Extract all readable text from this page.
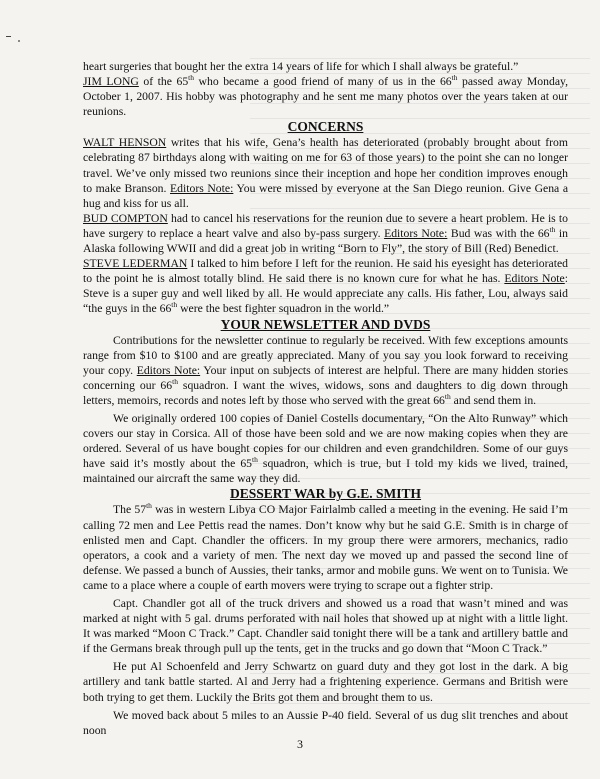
heart surgeries that bought her the extra 14 years of life for which I shall always be grateful.”

JIM LONG of the 65th who became a good friend of many of us in the 66th passed away Monday, October 1, 2007. His hobby was photography and he sent me many photos over the years taken at our reunions.

CONCERNS

WALT HENSON writes that his wife, Gena’s health has deteriorated (probably brought about from celebrating 87 birthdays along with waiting on me for 63 of those years) to the point she can no longer travel. We’ve only missed two reunions since their inception and hope her condition improves enough to make Branson. Editors Note: You were missed by everyone at the San Diego reunion. Give Gena a hug and kiss for us all.

BUD COMPTON had to cancel his reservations for the reunion due to severe a heart problem. He is to have surgery to replace a heart valve and also by-pass surgery. Editors Note: Bud was with the 66th in Alaska following WWII and did a great job in writing “Born to Fly”, the story of Bill (Red) Benedict.

STEVE LEDERMAN I talked to him before I left for the reunion. He said his eyesight has deteriorated to the point he is almost totally blind. He said there is no known cure for what he has. Editors Note: Steve is a super guy and well liked by all. He would appreciate any calls. His father, Lou, always said “the guys in the 66th were the best fighter squadron in the world.”

YOUR NEWSLETTER AND DVDS

Contributions for the newsletter continue to regularly be received. With few exceptions amounts range from $10 to $100 and are greatly appreciated. Many of you say you look forward to receiving your copy. Editors Note: Your input on subjects of interest are helpful. There are many hidden stories concerning our 66th squadron. I want the wives, widows, sons and daughters to dig down through letters, memoirs, records and notes left by those who served with the great 66th and send them in.

We originally ordered 100 copies of Daniel Costells documentary, “On the Alto Runway” which covers our stay in Corsica. All of those have been sold and we are now making copies when they are ordered. Several of us have bought copies for our children and even grandchildren. Some of our guys have said it’s mostly about the 65th squadron, which is true, but I told my kids we lived, trained, maintained our aircraft the same way they did.

DESSERT WAR by G.E. SMITH

The 57th was in western Libya CO Major Fairlalmb called a meeting in the evening. He said I’m calling 72 men and Lee Pettis read the names. Don’t know why but he said G.E. Smith is in charge of enlisted men and Capt. Chandler the officers. In my group there were armorers, mechanics, radio operators, a cook and a variety of men. The next day we moved up and passed the second line of defense. We passed a bunch of Aussies, their tanks, armor and mobile guns. We went on to Tunisia. We came to a place where a couple of earth movers were trying to scrape out a fighter strip.

Capt. Chandler got all of the truck drivers and showed us a road that wasn’t mined and was marked at night with 5 gal. drums perforated with nail holes that showed up at night with a little light. It was marked “Moon C Track.” Capt. Chandler said tonight there will be a tank and artillery battle and if the Germans break through pull up the tents, get in the trucks and go down that “Moon C Track.”

He put Al Schoenfeld and Jerry Schwartz on guard duty and they got lost in the dark. A big artillery and tank battle started. Al and Jerry had a frightening experience. Germans and British were both trying to get them. Luckily the Brits got them and brought them to us.

We moved back about 5 miles to an Aussie P-40 field. Several of us dug slit trenches and about noon

3
